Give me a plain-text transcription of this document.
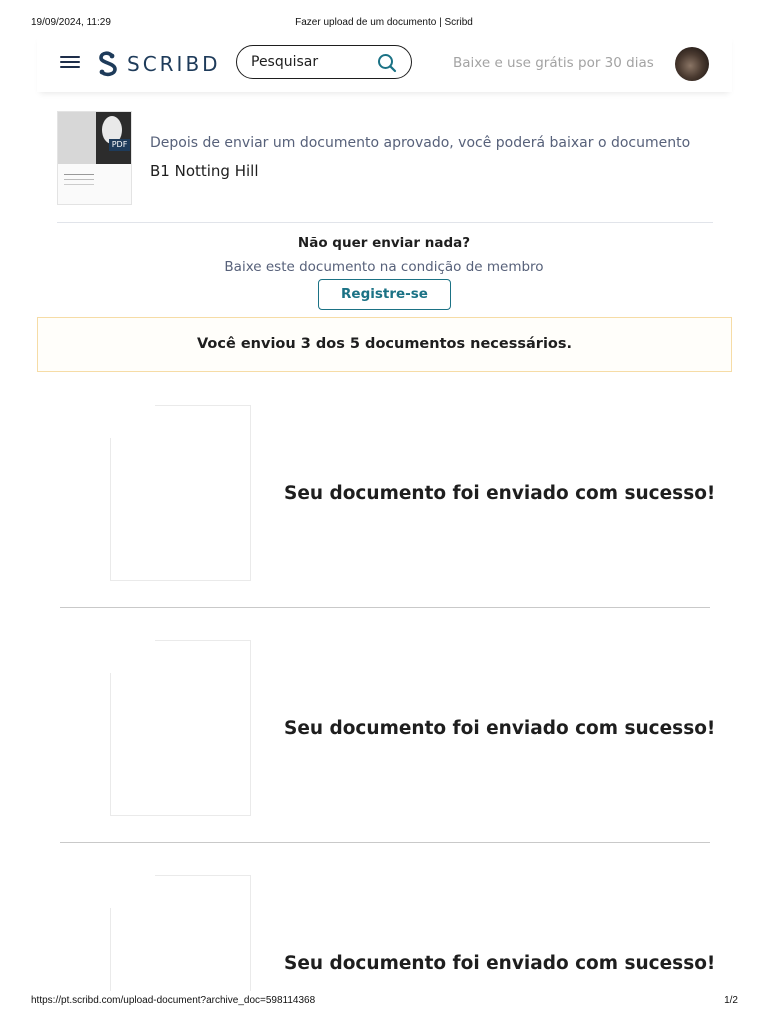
19/09/2024, 11:29	Fazer upload de um documento | Scribd
SCRIBD
Pesquisar	Baixe e use grátis por 30 dias
PDF Depois de enviar um documento aprovado, você poderá baixar o documento
B1 Notting Hill
Não quer enviar nada?
Baixe este documento na condição de membro
Registre-se
Você enviou 3 dos 5 documentos necessários.
Seu documento foi enviado com sucesso!
Seu documento foi enviado com sucesso!
Seu documento foi enviado com sucesso!
https://pt.scribd.com/upload-document?archive_doc=598114368	1/2
